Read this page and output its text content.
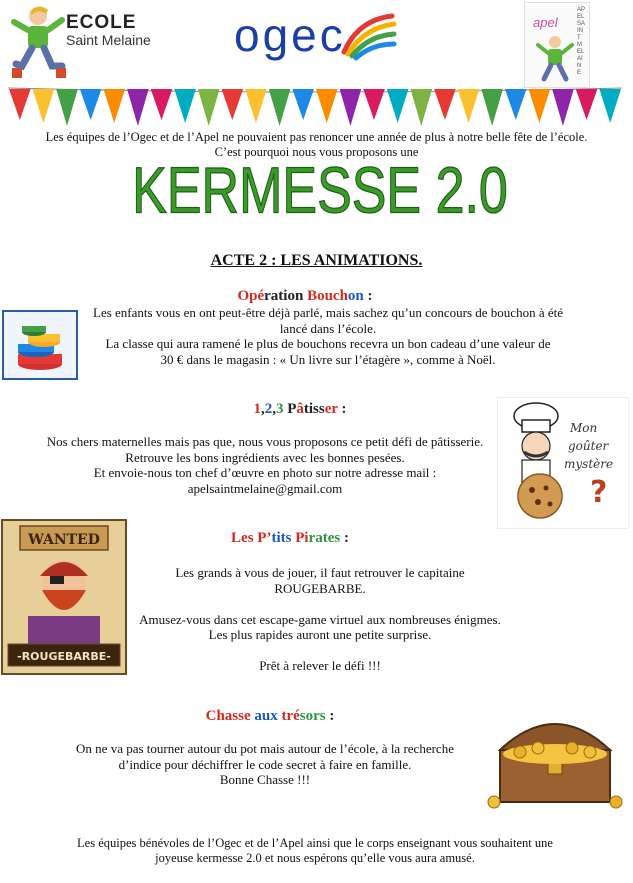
ECOLE
Saint Melaine ogec	apel
APEL SAINT MELAINE
Les équipes de l’Ogec et de l’Apel ne pouvaient pas renoncer une année de plus à notre belle fête de l’école.
C’est pourquoi nous vous proposons une
KERMESSE 2.0
ACTE 2 : LES ANIMATIONS.
Opération Bouchon :
Les enfants vous en ont peut-être déjà parlé, mais sachez qu’un concours de bouchon à été
lancé dans l’école.
La classe qui aura ramené le plus de bouchons recevra un bon cadeau d’une valeur de
30 € dans le magasin : « Un livre sur l’étagère », comme à Noël.
1,2,3 Pâtisser :
Nos chers maternelles mais pas que, nous vous proposons ce petit défi de pâtisserie.
Retrouve les bons ingrédients avec les bonnes pesées.
Et envoie-nous ton chef d’œuvre en photo sur notre adresse mail :
apelsaintmelaine@gmail.com
Mon
goûter
mystère
?
Les P’tits Pirates :
Les grands à vous de jouer, il faut retrouver le capitaine
ROUGEBARBE.
Amusez-vous dans cet escape-game virtuel aux nombreuses énigmes.
Les plus rapides auront une petite surprise.
Prêt à relever le défi !!!
WANTED
-ROUGEBARBE-
Chasse aux trésors :
On ne va pas tourner autour du pot mais autour de l’école, à la recherche
d’indice pour déchiffrer le code secret à faire en famille.
Bonne Chasse !!!
Les équipes bénévoles de l’Ogec et de l’Apel ainsi que le corps enseignant vous souhaitent une
joyeuse kermesse 2.0 et nous espérons qu’elle vous aura amusé.
